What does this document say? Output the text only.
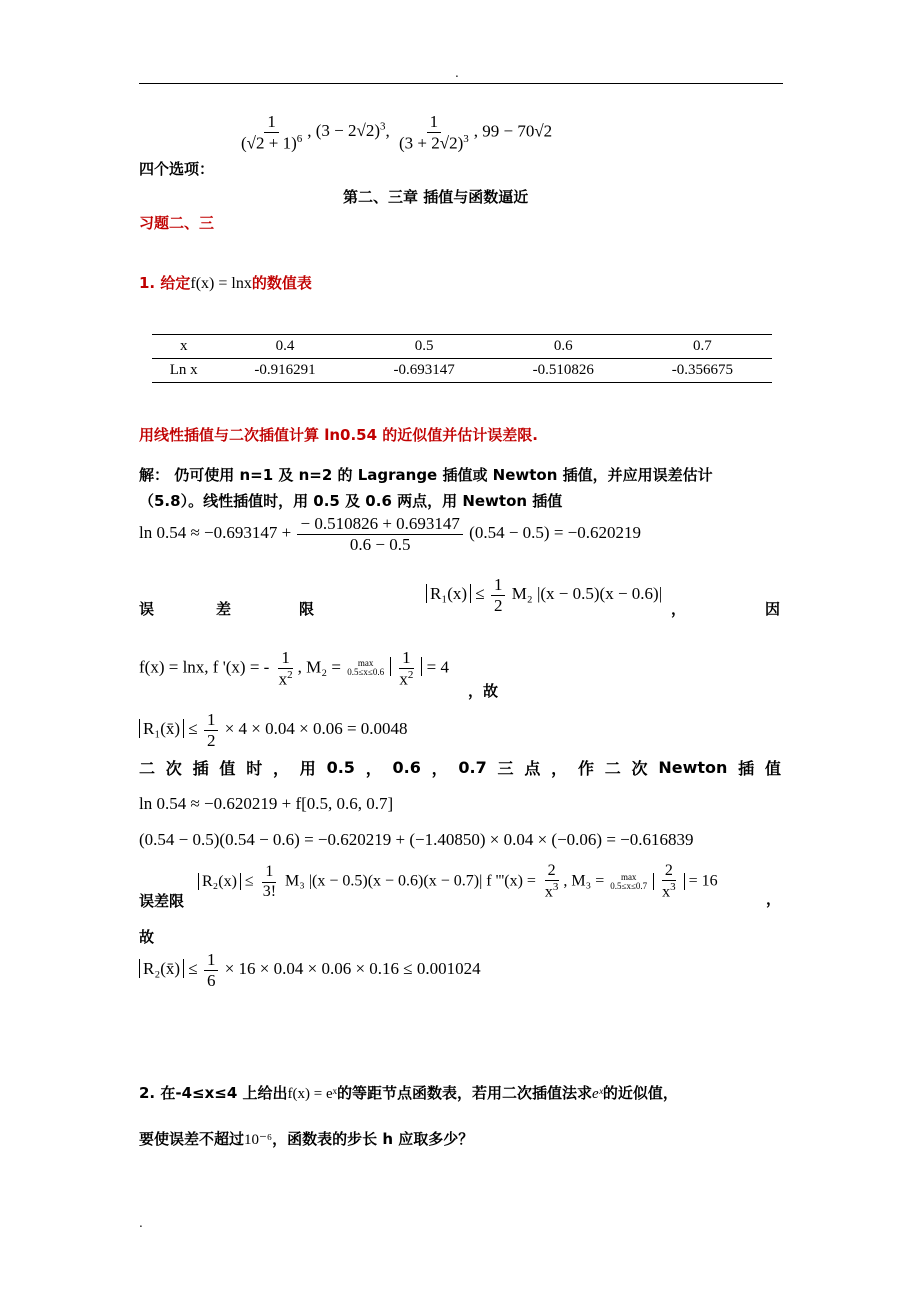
.
$\frac{1}{(√2 + 1)^6}$ , $(3 - 2√2)^3$, $\frac{1}{(3 + 2√2)^3}$ , 99 − 70√2
四个选项：
第二、三章 插值与函数逼近
习题二、三
1. 给定f(x) = lnx的数值表
x	0.4	0.5	0.6	0.7
Ln x	-0.916291	-0.693147	-0.510826	-0.356675
用线性插值与二次插值计算 ln0.54 的近似值并估计误差限.
解： 仍可使用 n=1 及 n=2 的 Lagrange 插值或 Newton 插值，并应用误差估计
（5.8）。线性插值时，用 0.5 及 0.6 两点，用 Newton 插值
$\ln 0.54 \approx -0.693147 + \frac{- 0.510826 + 0.693147}{0.6 - 0.5} (0.54 - 0.5) = -0.620219$
误	差	限	，	因
$R_1(x) \le \frac{1}{2} M_2$ |(x − 0.5)(x − 0.6)|
f(x) = lnx, f '(x) = - $\frac{1}{x^2}$ , M₂ = max
0.5≤x≤0.6
$\frac{1}{x^2} = 4$
，故
R₁(x̄) ≤ $\frac{1}{2} \times 4 \times 0.04 \times 0.06 = 0.0048$
二 次 插 值 时 ， 用 0.5 ， 0.6 ， 0.7 三 点 ， 作 二 次 Newton 插 值
ln 0.54 ≈ −0.620219 + f[0.5, 0.6, 0.7]
(0.54 − 0.5)(0.54 − 0.6) = −0.620219 + (−1.40850) × 0.04 × (−0.06) = −0.616839
误差限
$R_2(x) \le \frac{1}{3!} M_3$ |(x − 0.5)(x − 0.6)(x − 0.7)| f '''$(x) = \frac{2}{x^3}$ , M₃ = max
0.5≤x≤0.7
$\frac{2}{x^3} = 16$
，
故
R₂(x̄) ≤ $\frac{1}{6} \times 16 \times 0.04 \times 0.06 \times 0.16 \le 0.001024$
2. 在-4≤x≤4 上给出f(x) = eˣ的等距节点函数表，若用二次插值法求eˣ的近似值，
要使误差不超过10⁻⁶，函数表的步长 h 应取多少？
.
